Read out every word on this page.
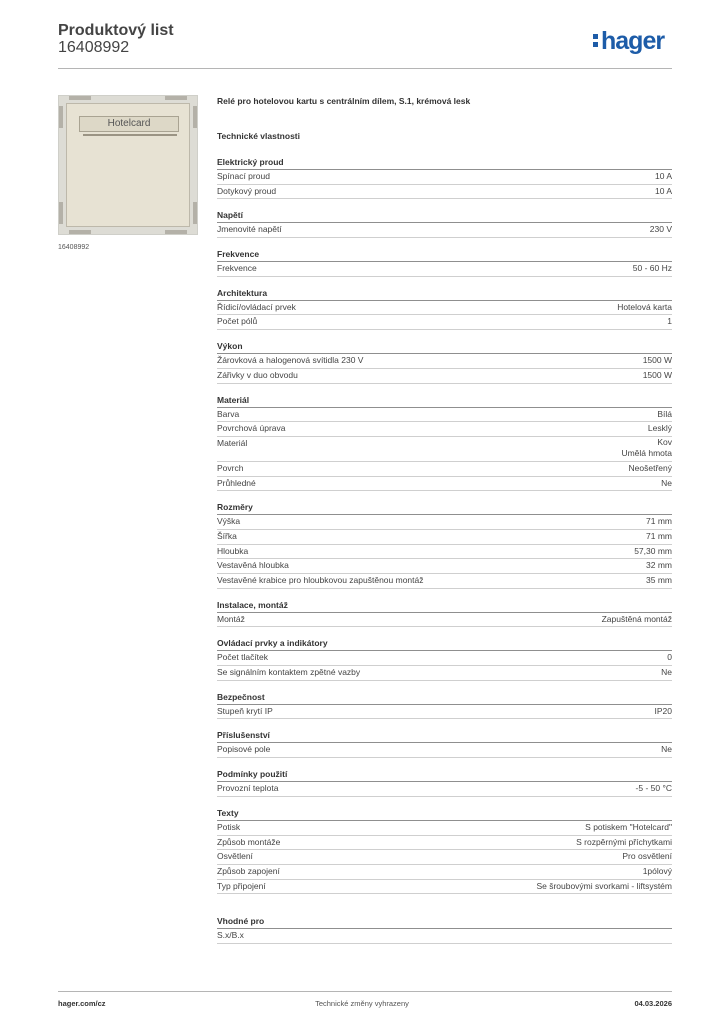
Produktový list
16408992	hager
Hotelcard
16408992
Relé pro hotelovou kartu s centrálním dílem, S.1, krémová lesk
Technické vlastnosti
Elektrický proud
Spínací proud	10 A
Dotykový proud	10 A
Napětí
Jmenovité napětí	230 V
Frekvence
Frekvence	50 - 60 Hz
Architektura
Řídicí/ovládací prvek	Hotelová karta
Počet pólů	1
Výkon
Žárovková a halogenová svítidla 230 V	1500 W
Zářivky v duo obvodu	1500 W
Materiál
Barva	Bílá
Povrchová úprava	Lesklý
Materiál	Kov
Umělá hmota
Povrch	Neošetřený
Průhledné	Ne
Rozměry
Výška	71 mm
Šířka	71 mm
Hloubka	57,30 mm
Vestavěná hloubka	32 mm
Vestavěné krabice pro hloubkovou zapuštěnou montáž	35 mm
Instalace, montáž
Montáž	Zapuštěná montáž
Ovládací prvky a indikátory
Počet tlačítek	0
Se signálním kontaktem zpětné vazby	Ne
Bezpečnost
Stupeň krytí IP	IP20
Příslušenství
Popisové pole	Ne
Podmínky použití
Provozní teplota	-5 - 50 °C
Texty
Potisk	S potiskem "Hotelcard"
Způsob montáže	S rozpěrnými příchytkami
Osvětlení	Pro osvětlení
Způsob zapojení	1pólový
Typ připojení	Se šroubovými svorkami - liftsystém
Vhodné pro
S.x/B.x
Technické změny vyhrazeny
hager.com/cz	04.03.2026
